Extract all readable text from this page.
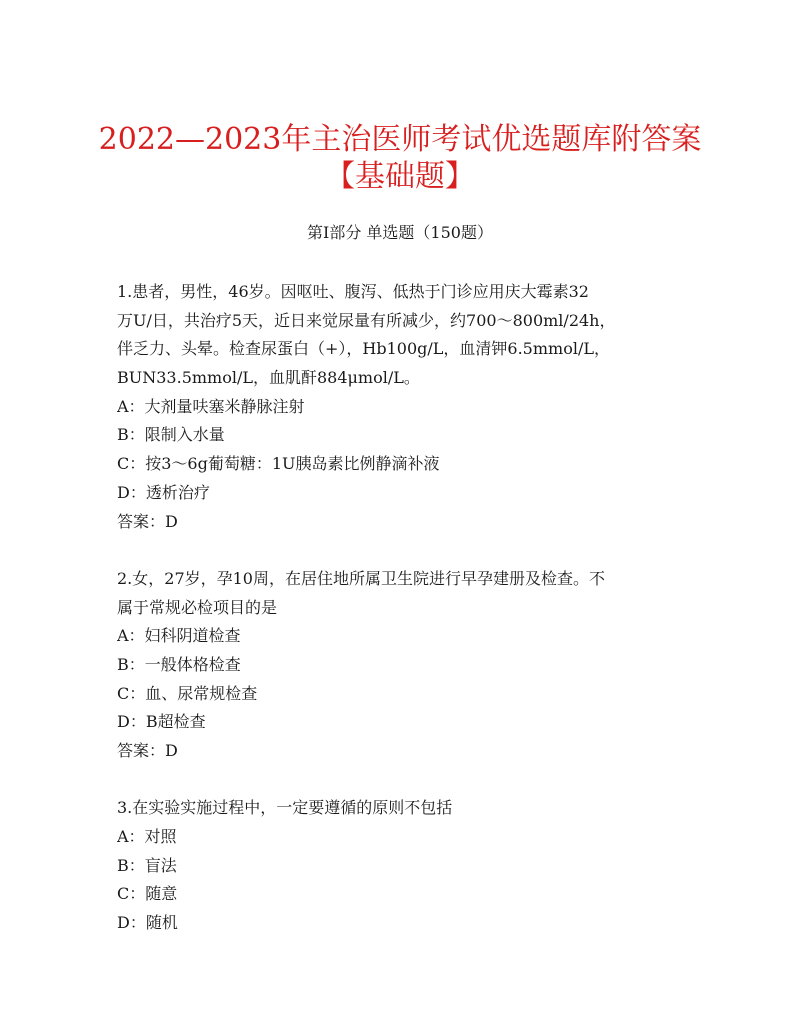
2022—2023年主治医师考试优选题库附答案
【基础题】
第I部分 单选题（150题）
1.患者，男性，46岁。因呕吐、腹泻、低热于门诊应用庆大霉素32
万U/日，共治疗5天，近日来觉尿量有所减少，约700～800ml/24h，
伴乏力、头晕。检查尿蛋白（+），Hb100g/L，血清钾6.5mmol/L，
BUN33.5mmol/L，血肌酐884μmol/L。
A：大剂量呋塞米静脉注射
B：限制入水量
C：按3～6g葡萄糖：1U胰岛素比例静滴补液
D：透析治疗
答案：D
2.女，27岁，孕10周，在居住地所属卫生院进行早孕建册及检查。不
属于常规必检项目的是
A：妇科阴道检查
B：一般体格检查
C：血、尿常规检查
D：B超检查
答案：D
3.在实验实施过程中，一定要遵循的原则不包括
A：对照
B：盲法
C：随意
D：随机
